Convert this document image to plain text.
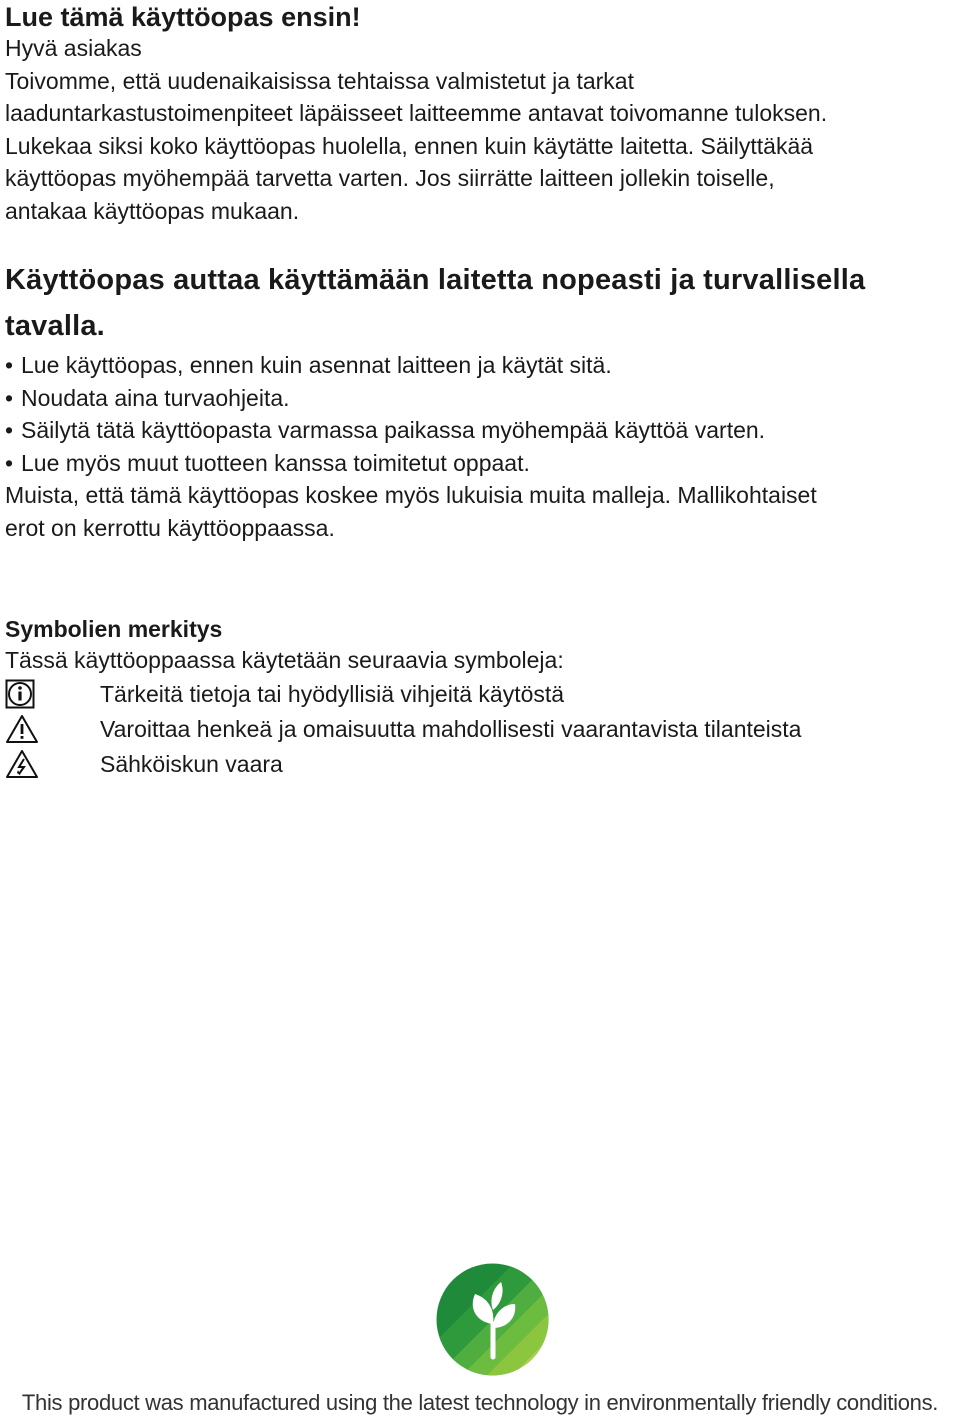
Lue tämä käyttöopas ensin!

Hyvä asiakas

Toivomme, että uudenaikaisissa tehtaissa valmistetut ja tarkat

laaduntarkastustoimenpiteet läpäisseet laitteemme antavat toivomanne tuloksen.

Lukekaa siksi koko käyttöopas huolella, ennen kuin käytätte laitetta. Säilyttäkää

käyttöopas myöhempää tarvetta varten. Jos siirrätte laitteen jollekin toiselle,

antakaa käyttöopas mukaan.

Käyttöopas auttaa käyttämään laitetta nopeasti ja turvallisella
tavalla.
• Lue käyttöopas, ennen kuin asennat laitteen ja käytät sitä.
• Noudata aina turvaohjeita.
• Säilytä tätä käyttöopasta varmassa paikassa myöhempää käyttöä varten.
• Lue myös muut tuotteen kanssa toimitetut oppaat.

Muista, että tämä käyttöopas koskee myös lukuisia muita malleja. Mallikohtaiset

erot on kerrottu käyttöoppaassa.

Symbolien merkitys

Tässä käyttöoppaassa käytetään seuraavia symboleja:

Tärkeitä tietoja tai hyödyllisiä vihjeitä käytöstä
Varoittaa henkeä ja omaisuutta mahdollisesti vaarantavista tilanteista
Sähköiskun vaara
This product was manufactured using the latest technology in environmentally friendly conditions.
